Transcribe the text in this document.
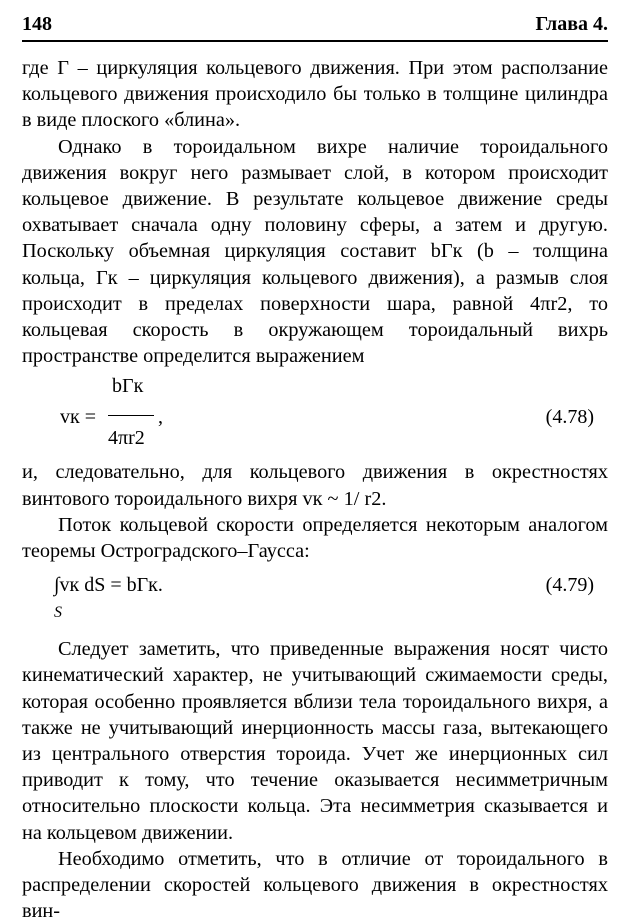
148	Глава 4.

где Г – циркуляция кольцевого движения. При этом расползание кольцевого движения происходило бы только в толщине цилиндра в виде плоского «блина».

Однако в тороидальном вихре наличие тороидального движения вокруг него размывает слой, в котором происходит кольцевое движение. В результате кольцевое движение среды охватывает сначала одну половину сферы, а затем и другую. Поскольку объемная циркуляция составит bГк (b – толщина кольца, Гк – циркуляция кольцевого движения), а размыв слоя происходит в пределах поверхности шара, равной 4πr2, то кольцевая скорость в окружающем тороидальный вихрь пространстве определится выражением

vк =
bГк
4πr2
,	(4.78)

и, следовательно, для кольцевого движения в окрестностях винтового тороидального вихря vк ~ 1/ r2.

Поток кольцевой скорости определяется некоторым аналогом теоремы Остроградского–Гаусса:

∫vк dS = bГк.
S
(4.79)

Следует заметить, что приведенные выражения носят чисто кинематический характер, не учитывающий сжимаемости среды, которая особенно проявляется вблизи тела тороидального вихря, а также не учитывающий инерционность массы газа, вытекающего из центрального отверстия тороида. Учет же инерционных сил приводит к тому, что течение оказывается несимметричным относительно плоскости кольца. Эта несимметрия сказывается и на кольцевом движении.

Необходимо отметить, что в отличие от тороидального в распределении скоростей кольцевого движения в окрестностях вин-
